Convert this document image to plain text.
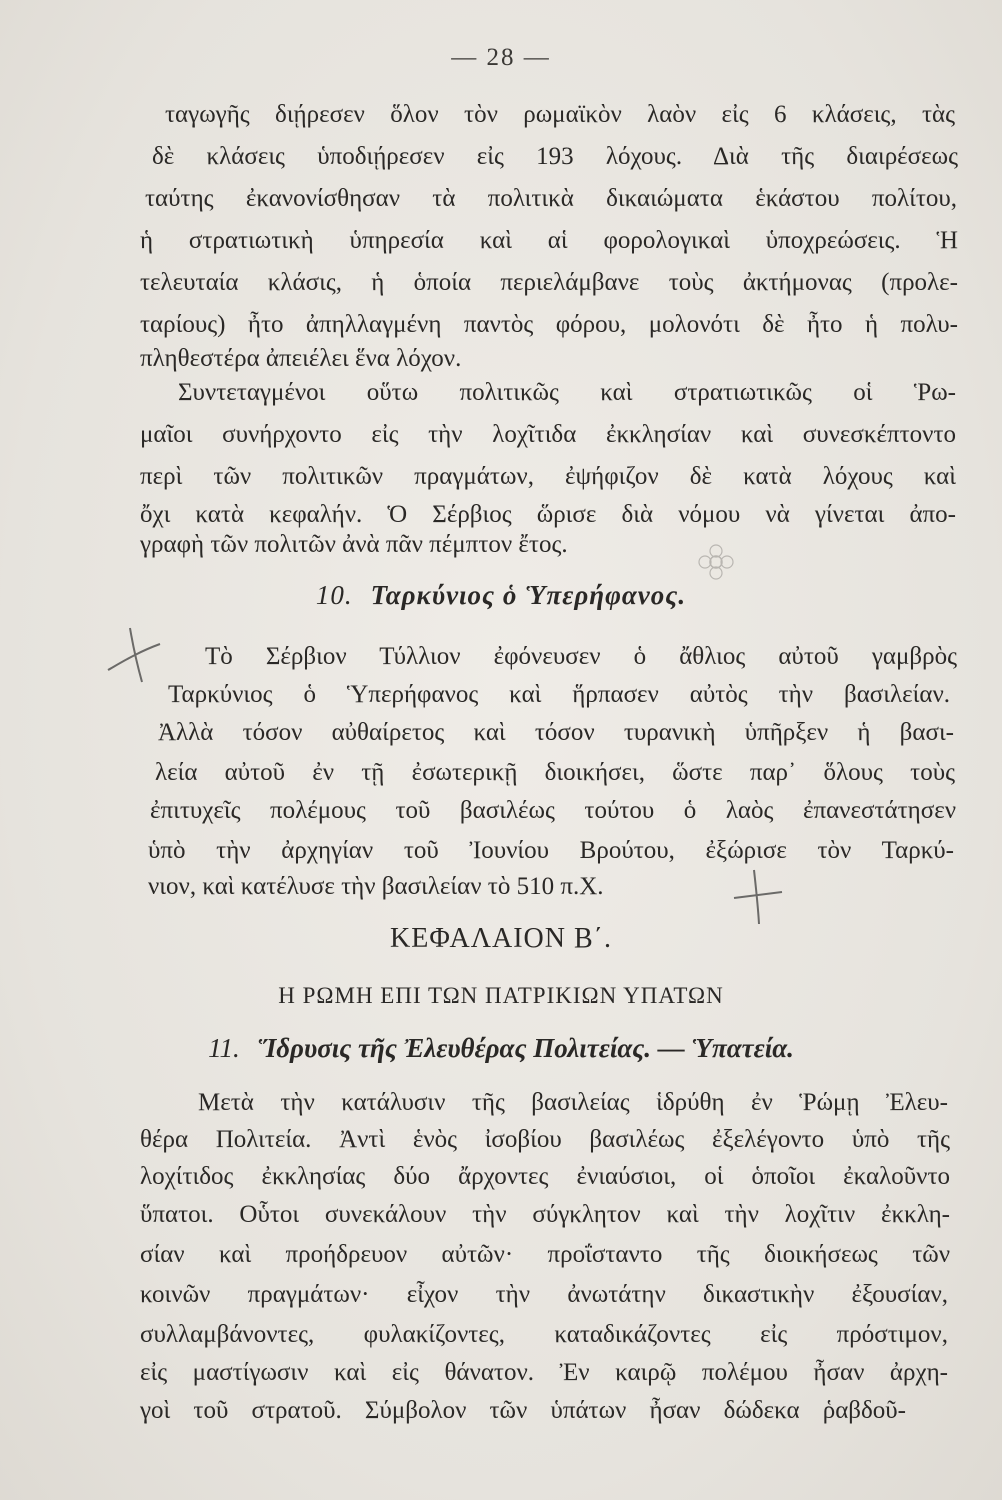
— 28 —
ταγωγῆς διῄρεσεν ὅλον τὸν ρωμαϊκὸν λαὸν εἰς 6 κλάσεις, τὰς
δὲ κλάσεις ὑποδιῄρεσεν εἰς 193 λόχους. Διὰ τῆς διαιρέσεως
ταύτης ἐκανονίσθησαν τὰ πολιτικὰ δικαιώματα ἑκάστου πολίτου,
ἡ στρατιωτικὴ ὑπηρεσία καὶ αἱ φορολογικαὶ ὑποχρεώσεις. Ἡ
τελευταία κλάσις, ἡ ὁποία περιελάμβανε τοὺς ἀκτήμονας (προλε-
ταρίους) ἦτο ἀπηλλαγμένη παντὸς φόρου, μολονότι δὲ ἦτο ἡ πολυ-
πληθεστέρα ἀπειέλει ἕνα λόχον.
Συντεταγμένοι οὕτω πολιτικῶς καὶ στρατιωτικῶς οἱ Ῥω-
μαῖοι συνήρχοντο εἰς τὴν λοχῖτιδα ἐκκλησίαν καὶ συνεσκέπτοντο
περὶ τῶν πολιτικῶν πραγμάτων, ἐψήφιζον δὲ κατὰ λόχους καὶ
ὄχι κατὰ κεφαλήν. Ὁ Σέρβιος ὥρισε διὰ νόμου νὰ γίνεται ἀπο-
γραφὴ τῶν πολιτῶν ἀνὰ πᾶν πέμπτον ἔτος.
10. Ταρκύνιος ὁ Ὑπερήφανος.
Τὸ Σέρβιον Τύλλιον ἐφόνευσεν ὁ ἄθλιος αὐτοῦ γαμβρὸς
Ταρκύνιος ὁ Ὑπερήφανος καὶ ἥρπασεν αὐτὸς τὴν βασιλείαν.
Ἀλλὰ τόσον αὐθαίρετος καὶ τόσον τυρανικὴ ὑπῆρξεν ἡ βασι-
λεία αὐτοῦ ἐν τῇ ἐσωτερικῇ διοικήσει, ὥστε παρ᾽ ὅλους τοὺς
ἐπιτυχεῖς πολέμους τοῦ βασιλέως τούτου ὁ λαὸς ἐπανεστάτησεν
ὑπὸ τὴν ἀρχηγίαν τοῦ Ἰουνίου Βρούτου, ἐξώρισε τὸν Ταρκύ-
νιον, καὶ κατέλυσε τὴν βασιλείαν τὸ 510 π.Χ.
ΚΕΦΑΛΑΙΟΝ Β΄.
Η ΡΩΜΗ ΕΠΙ ΤΩΝ ΠΑΤΡΙΚΙΩΝ ΥΠΑΤΩΝ
11. Ἵδρυσις τῆς Ἐλευθέρας Πολιτείας. — Ὑπατεία.
Μετὰ τὴν κατάλυσιν τῆς βασιλείας ἱδρύθη ἐν Ῥώμῃ Ἐλευ-
θέρα Πολιτεία. Ἀντὶ ἑνὸς ἰσοβίου βασιλέως ἐξελέγοντο ὑπὸ τῆς
λοχίτιδος ἐκκλησίας δύο ἄρχοντες ἐνιαύσιοι, οἱ ὁποῖοι ἐκαλοῦντο
ὕπατοι. Οὗτοι συνεκάλουν τὴν σύγκλητον καὶ τὴν λοχῖτιν ἐκκλη-
σίαν καὶ προήδρευον αὐτῶν· προΐσταντο τῆς διοικήσεως τῶν
κοινῶν πραγμάτων· εἶχον τὴν ἀνωτάτην δικαστικὴν ἐξουσίαν,
συλλαμβάνοντες, φυλακίζοντες, καταδικάζοντες εἰς πρόστιμον,
εἰς μαστίγωσιν καὶ εἰς θάνατον. Ἐν καιρῷ πολέμου ἦσαν ἀρχη-
γοὶ τοῦ στρατοῦ. Σύμβολον τῶν ὑπάτων ἦσαν δώδεκα ῥαβδοῦ-
